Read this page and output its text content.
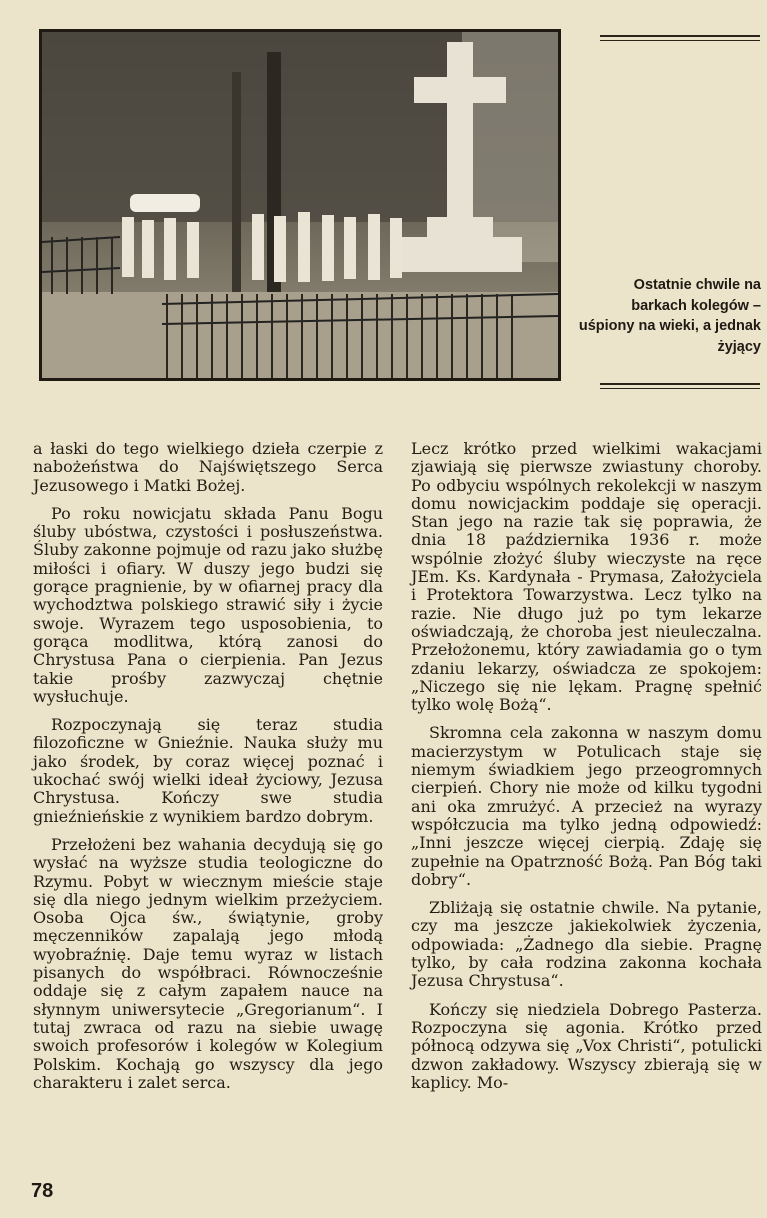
Ostatnie chwile na barkach kolegów – uśpiony na wieki, a jednak żyjący

a łaski do tego wielkiego dzieła czerpie z nabożeństwa do Najświętszego Serca Jezusowego i Matki Bożej.

Po roku nowicjatu składa Panu Bogu śluby ubóstwa, czystości i posłuszeństwa. Śluby zakonne pojmuje od razu jako służbę miłości i ofiary. W duszy jego budzi się gorące pragnienie, by w ofiarnej pracy dla wychodztwa polskiego strawić siły i życie swoje. Wyrazem tego usposobienia, to gorąca modlitwa, którą zanosi do Chrystusa Pana o cierpienia. Pan Jezus takie prośby zazwyczaj chętnie wysłuchuje.

Rozpoczynają się teraz studia filozoficzne w Gnieźnie. Nauka służy mu jako środek, by coraz więcej poznać i ukochać swój wielki ideał życiowy, Jezusa Chrystusa. Kończy swe studia gnieźnieńskie z wynikiem bardzo dobrym.

Przełożeni bez wahania decydują się go wysłać na wyższe studia teologiczne do Rzymu. Pobyt w wiecznym mieście staje się dla niego jednym wielkim przeżyciem. Osoba Ojca św., świątynie, groby męczenników zapalają jego młodą wyobraźnię. Daje temu wyraz w listach pisanych do współbraci. Równocześnie oddaje się z całym zapałem nauce na słynnym uniwersytecie „Gregorianum“. I tutaj zwraca od razu na siebie uwagę swoich profesorów i kolegów w Kolegium Polskim. Kochają go wszyscy dla jego charakteru i zalet serca.

Lecz krótko przed wielkimi wakacjami zjawiają się pierwsze zwiastuny choroby. Po odbyciu wspólnych rekolekcji w naszym domu nowicjackim poddaje się operacji. Stan jego na razie tak się poprawia, że dnia 18 października 1936 r. może wspólnie złożyć śluby wieczyste na ręce JEm. Ks. Kardynała - Prymasa, Założyciela i Protektora Towarzystwa. Lecz tylko na razie. Nie długo już po tym lekarze oświadczają, że choroba jest nieuleczalna. Przełożonemu, który zawiadamia go o tym zdaniu lekarzy, oświadcza ze spokojem: „Niczego się nie lękam. Pragnę spełnić tylko wolę Bożą“.

Skromna cela zakonna w naszym domu macierzystym w Potulicach staje się niemym świadkiem jego przeogromnych cierpień. Chory nie może od kilku tygodni ani oka zmrużyć. A przecież na wyrazy współczucia ma tylko jedną odpowiedź: „Inni jeszcze więcej cierpią. Zdaję się zupełnie na Opatrzność Bożą. Pan Bóg taki dobry“.

Zbliżają się ostatnie chwile. Na pytanie, czy ma jeszcze jakiekolwiek życzenia, odpowiada: „Żadnego dla siebie. Pragnę tylko, by cała rodzina zakonna kochała Jezusa Chrystusa“.

Kończy się niedziela Dobrego Pasterza. Rozpoczyna się agonia. Krótko przed północą odzywa się „Vox Christi“, potulicki dzwon zakładowy. Wszyscy zbierają się w kaplicy. Mo-

78
